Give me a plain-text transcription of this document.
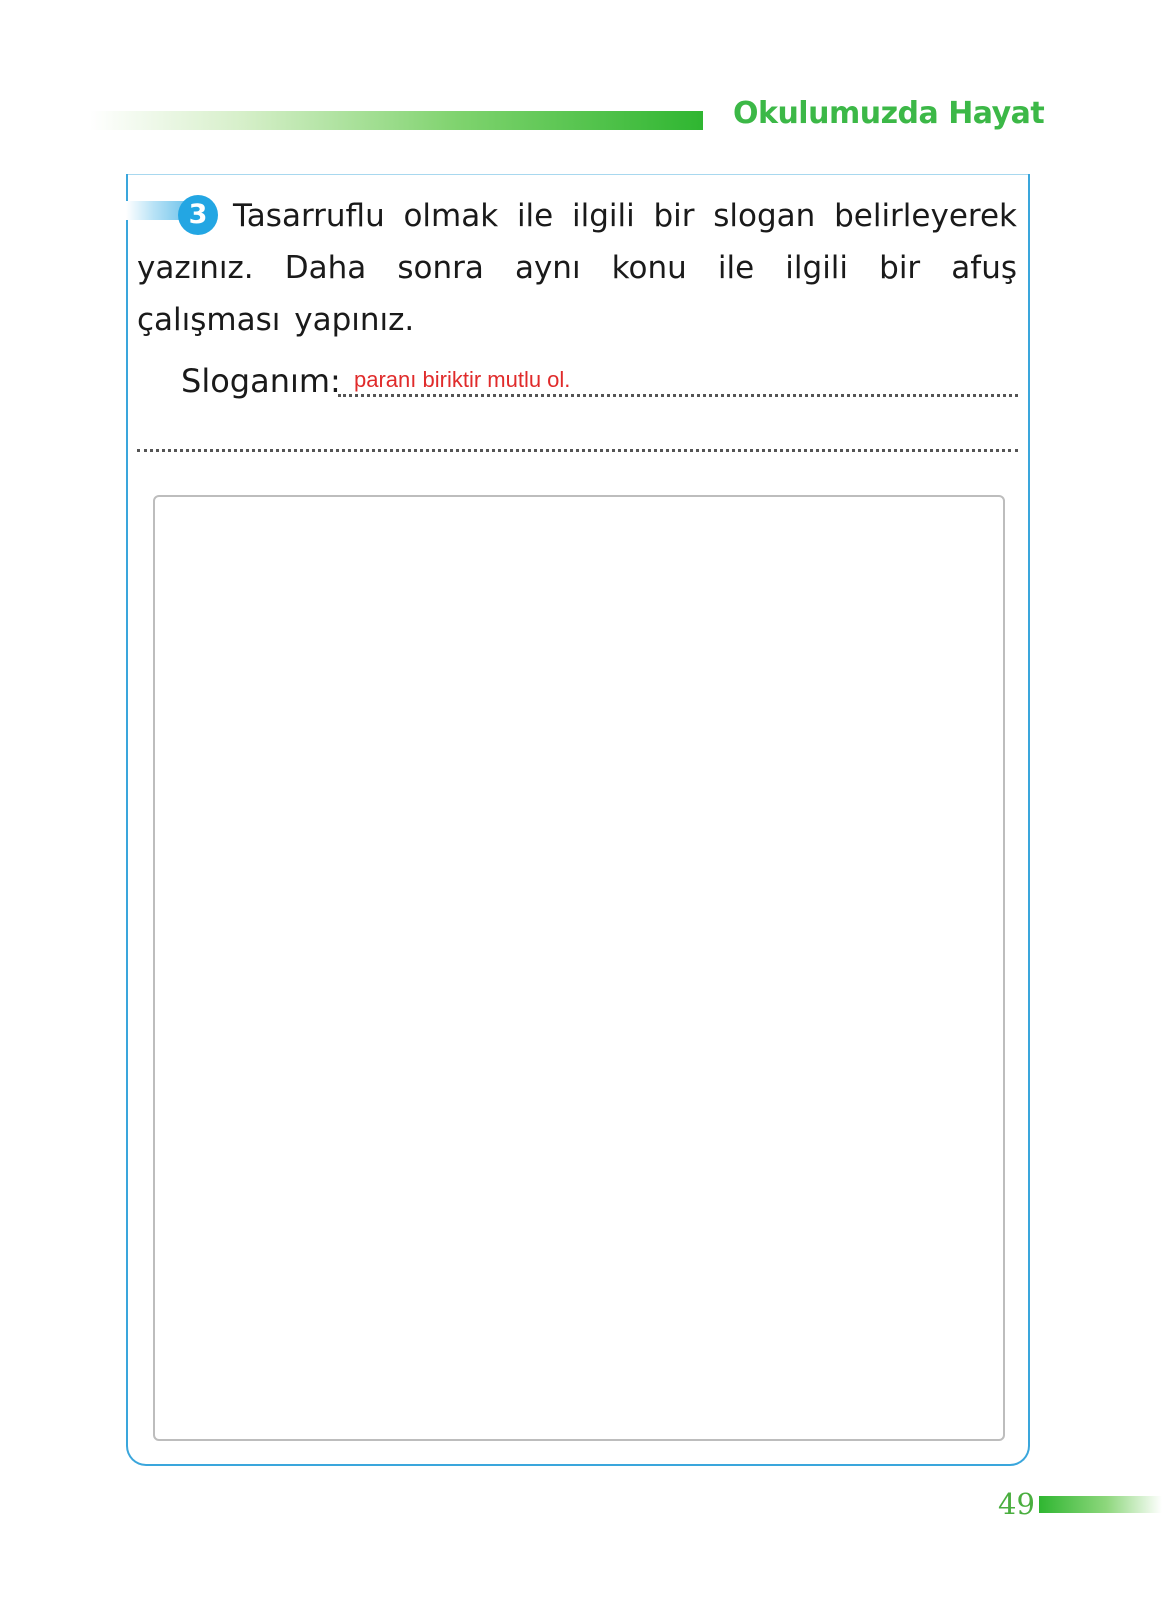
Okulumuzda Hayat
Tasarruflu olmak ile ilgili bir slogan belirleyerek yazınız. Daha sonra aynı konu ile ilgili bir afuş çalışması yapınız.
3
Sloganım: paranı biriktir mutlu ol.
49
